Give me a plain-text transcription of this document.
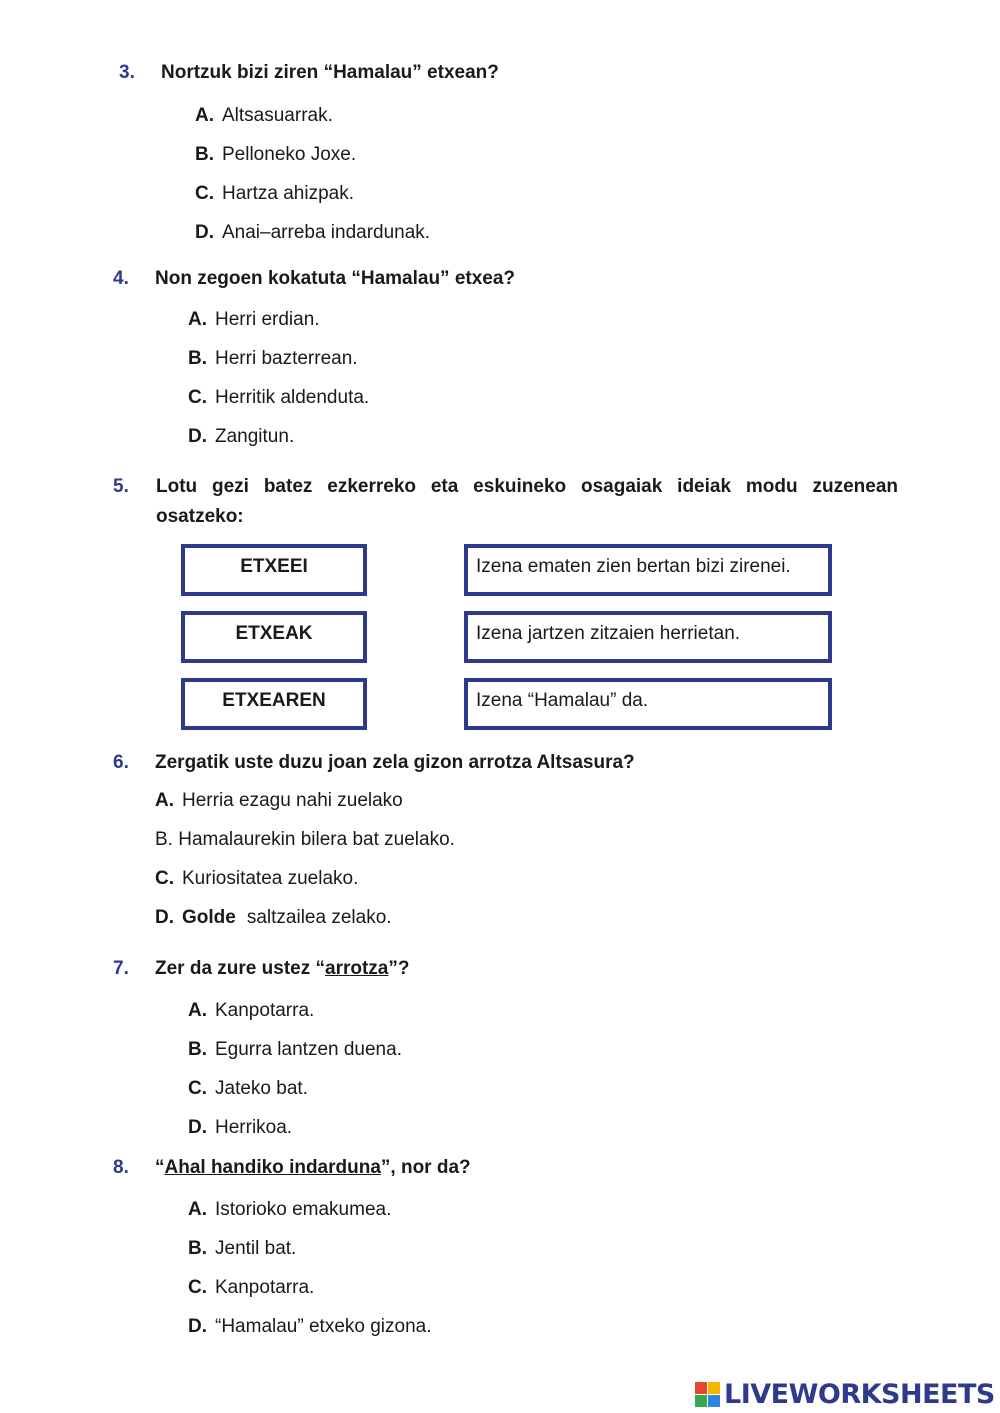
3. Nortzuk bizi ziren “Hamalau” etxean?
A. Altsasuarrak.
B. Pelloneko Joxe.
C. Hartza ahizpak.
D. Anai–arreba indardunak.
4. Non zegoen kokatuta “Hamalau” etxea?
A. Herri erdian.
B. Herri bazterrean.
C. Herritik aldenduta.
D. Zangitun.
5. Lotu gezi batez ezkerreko eta eskuineko osagaiak ideiak modu zuzenean
osatzeko:
ETXEEI
ETXEAK
ETXEAREN
Izena ematen zien bertan bizi zirenei.
Izena jartzen zitzaien herrietan.
Izena “Hamalau” da.
6. Zergatik uste duzu joan zela gizon arrotza Altsasura?
A. Herria ezagu nahi zuelako
B. Hamalaurekin bilera bat zuelako.
C. Kuriositatea zuelako.
D. Golde saltzailea zelako.
7. Zer da zure ustez “arrotza”?
A. Kanpotarra.
B. Egurra lantzen duena.
C. Jateko bat.
D. Herrikoa.
8. “Ahal handiko indarduna”, nor da?
A. Istorioko emakumea.
B. Jentil bat.
C. Kanpotarra.
D. “Hamalau” etxeko gizona.
LIVEWORKSHEETS
